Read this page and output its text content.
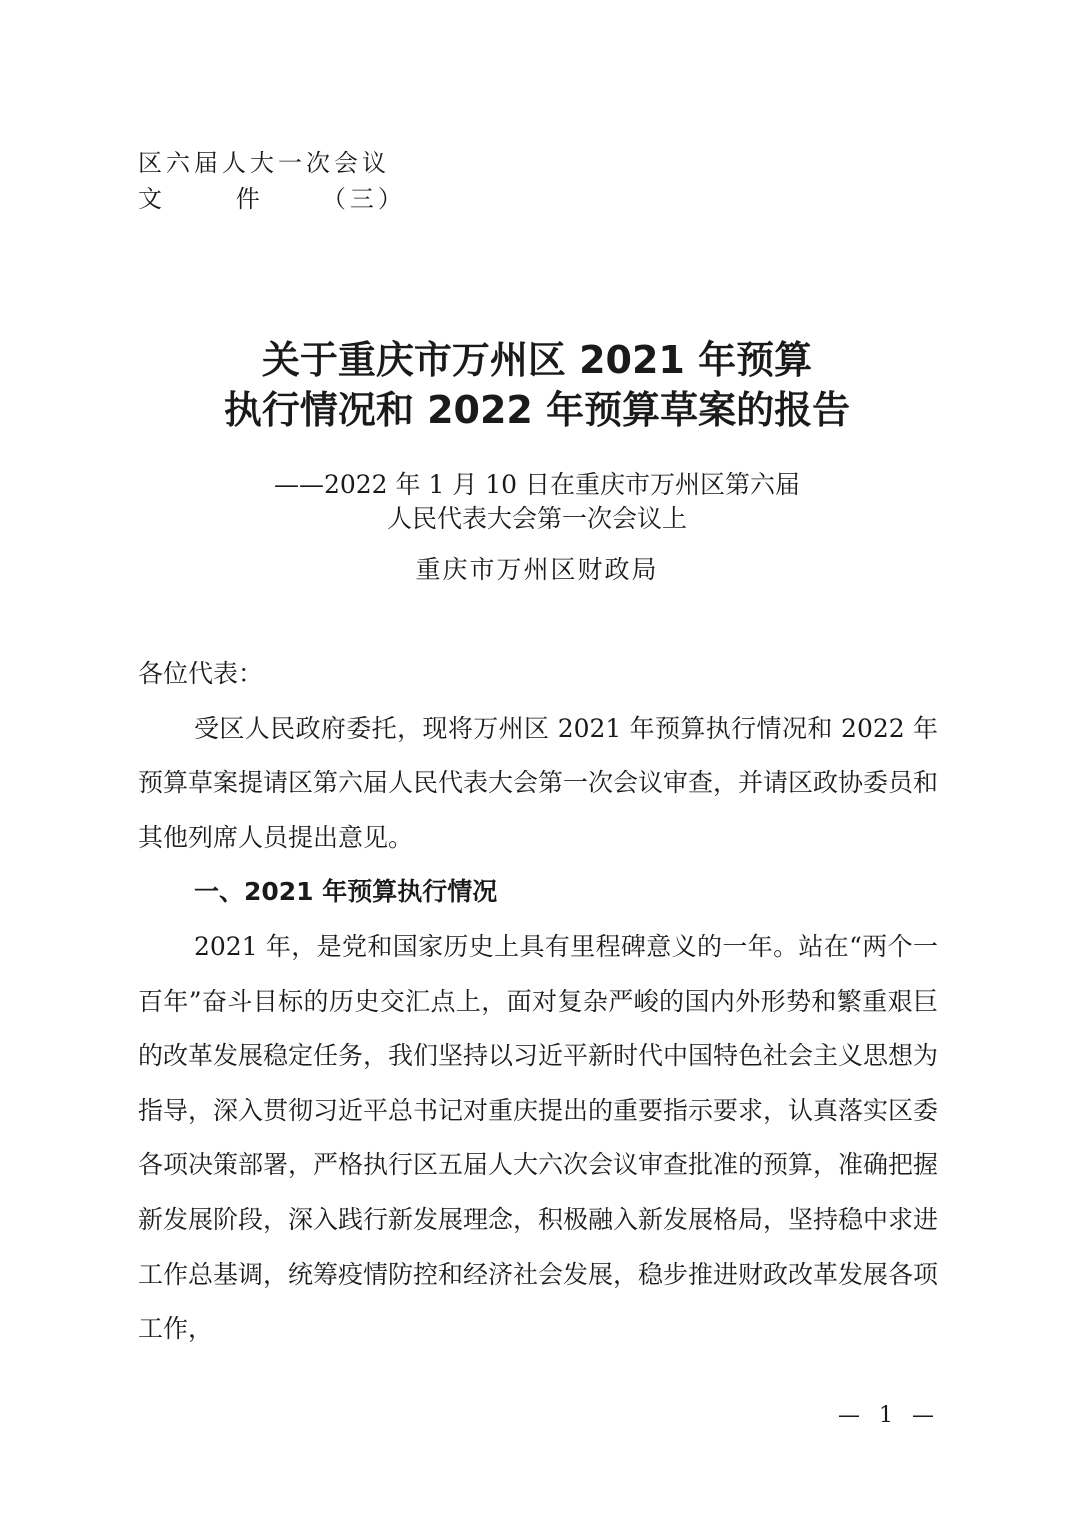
区六届人大一次会议
文      件     （三）
关于重庆市万州区 2021 年预算
执行情况和 2022 年预算草案的报告
——2022 年 1 月 10 日在重庆市万州区第六届
人民代表大会第一次会议上
重庆市万州区财政局

各位代表：

受区人民政府委托，现将万州区 2021 年预算执行情况和 2022 年预算草案提请区第六届人民代表大会第一次会议审查，并请区政协委员和其他列席人员提出意见。

一、2021 年预算执行情况

2021 年，是党和国家历史上具有里程碑意义的一年。站在“两个一百年”奋斗目标的历史交汇点上，面对复杂严峻的国内外形势和繁重艰巨的改革发展稳定任务，我们坚持以习近平新时代中国特色社会主义思想为指导，深入贯彻习近平总书记对重庆提出的重要指示要求，认真落实区委各项决策部署，严格执行区五届人大六次会议审查批准的预算，准确把握新发展阶段，深入践行新发展理念，积极融入新发展格局，坚持稳中求进工作总基调，统筹疫情防控和经济社会发展，稳步推进财政改革发展各项工作，

— 1 —
